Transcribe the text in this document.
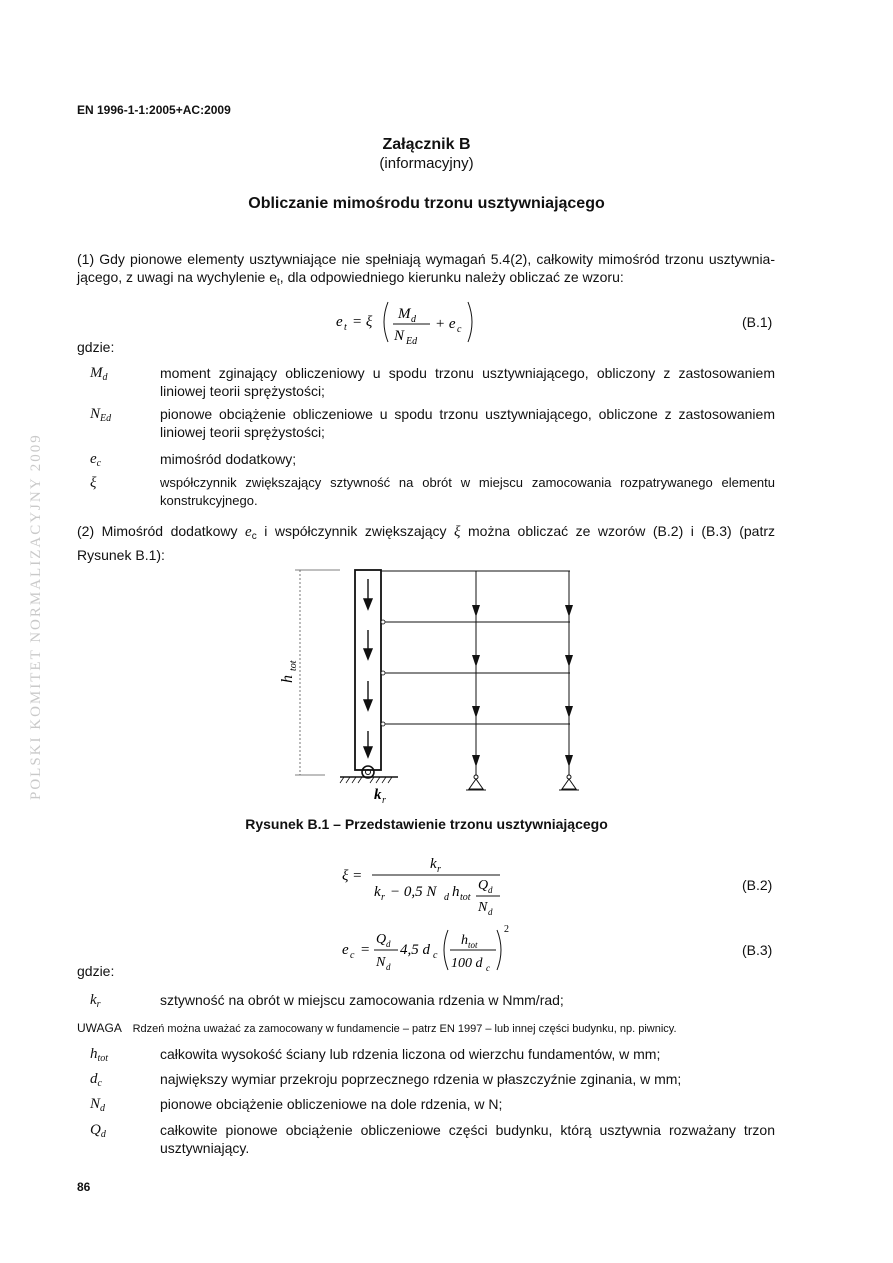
EN 1996-1-1:2005+AC:2009
Załącznik B
(informacyjny)
Obliczanie mimośrodu trzonu usztywniającego
(1) Gdy pionowe elementy usztywniające nie spełniają wymagań 5.4(2), całkowity mimośród trzonu usztywnia-jącego, z uwagi na wychylenie $e_t$, dla odpowiedniego kierunku należy obliczać ze wzoru:
e t = ξ M d
N Ed
+ e c	(B.1)
gdzie:
$M_d$	moment zginający obliczeniowy u spodu trzonu usztywniającego, obliczony z zastosowaniem liniowej teorii sprężystości;
$N_{Ed}$	pionowe obciążenie obliczeniowe u spodu trzonu usztywniającego, obliczone z zastosowaniem liniowej teorii sprężystości;
$e_c$	mimośród dodatkowy;
ξ	współczynnik zwiększający sztywność na obrót w miejscu zamocowania rozpatrywanego elementu konstrukcyjnego.
(2) Mimośród dodatkowy $e_c$ i współczynnik zwiększający ξ można obliczać ze wzorów (B.2) i (B.3) (patrz Rysunek B.1):
h
tot
k r
Rysunek B.1 – Przedstawienie trzonu usztywniającego
ξ =
k r
k r − 0,5 N d h tot
Q d
N d
(B.2)
e c =
Q d
N d
4,5 d c
h tot
100 d c
2
(B.3)
gdzie:
$k_r$	sztywność na obrót w miejscu zamocowania rdzenia w Nmm/rad;
UWAGA Rdzeń można uważać za zamocowany w fundamencie – patrz EN 1997 – lub innej części budynku, np. piwnicy.
$h_{tot}$	całkowita wysokość ściany lub rdzenia liczona od wierzchu fundamentów, w mm;
$d_c$	największy wymiar przekroju poprzecznego rdzenia w płaszczyźnie zginania, w mm;
$N_d$	pionowe obciążenie obliczeniowe na dole rdzenia, w N;
$Q_d$	całkowite pionowe obciążenie obliczeniowe części budynku, którą usztywnia rozważany trzon usztywniający.
POLSKI KOMITET NORMALIZACYJNY 2009
86
